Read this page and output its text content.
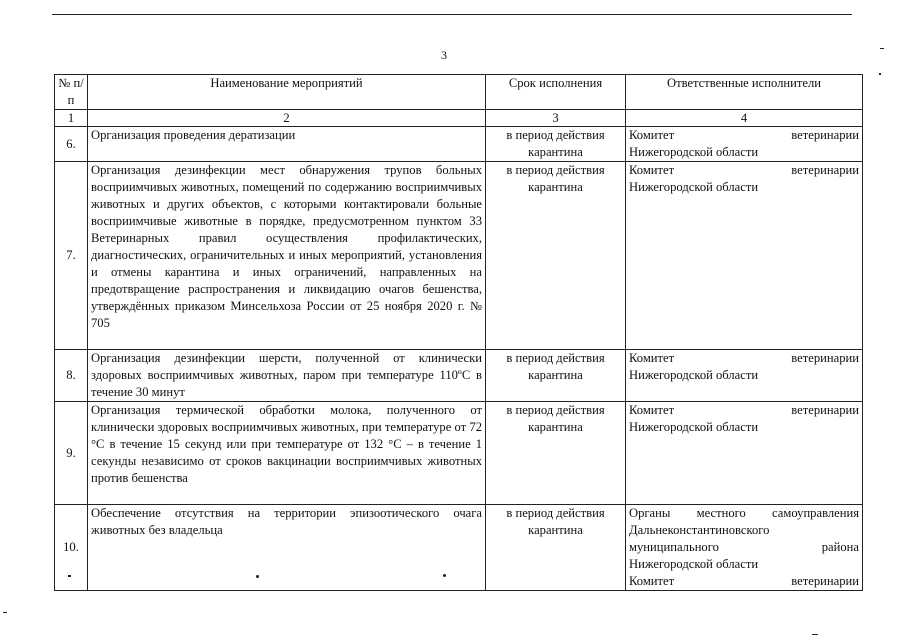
3
№ п/п	Наименование мероприятий	Срок исполнения	Ответственные исполнители
1	2	3	4
6.	Организация проведения дератизации	в период действия карантина	Комитет ветеринарии
Нижегородской области

7.	Организация дезинфекции мест обнаружения трупов больных восприимчивых животных, помещений по содержанию восприимчивых животных и других объектов, с которыми контактировали больные восприимчивые животные в порядке, предусмотренном пунктом 33 Ветеринарных правил осуществления профилактических, диагностических, ограничительных и иных мероприятий, установления и отмены карантина и иных ограничений, направленных на предотвращение распространения и ликвидацию очагов бешенства, утверждённых приказом Минсельхоза России от 25 ноября 2020 г. № 705	в период действия карантина	Комитет ветеринарии
Нижегородской области

8.	Организация дезинфекции шерсти, полученной от клинически здоровых восприимчивых животных, паром при температуре 110ºС в течение 30 минут	в период действия карантина	Комитет ветеринарии
Нижегородской области

9.	Организация термической обработки молока, полученного от клинически здоровых восприимчивых животных, при температуре от 72 °С в течение 15 секунд или при температуре от 132 °С – в течение 1 секунды независимо от сроков вакцинации восприимчивых животных против бешенства	в период действия карантина	Комитет ветеринарии
Нижегородской области

10.	Обеспечение отсутствия на территории эпизоотического очага животных без владельца	в период действия карантина	Органы местного самоуправления
Дальнеконстантиновского
муниципального района
Нижегородской области
Комитет ветеринарии
